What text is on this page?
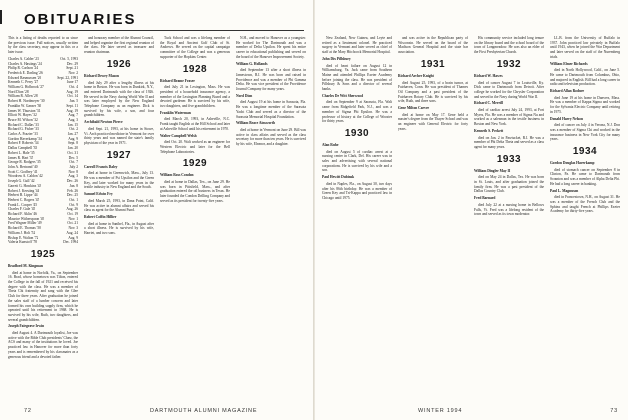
OBITUARIES

This is a listing of deaths reported to us since the previous issue. Full notices, usually written by the class secretary, may appear in this or a later issue.

Charles A. Calder '23	Oct. 5, 1993
Charles A. Hastings '24	Dec. 29
Philip R. Carlson '24	Sept. 21
Frederick E. Darling '26	Nov. 2
Edward Rasmussen '26	Sept. 22, 1991
Kenneth C. Perry '27	June 17
William G. Holbrook '27	Oct. 4
Nord Dion '28	Aug. 19
William R. Allen '28	Oct. 14
Robert H. Nordmeyer '30	Jan. 5
Franklin W. Ganser '30	Sept. 11
James W. Thurston '31	Aug. 19
Elliott W. Hayes '32	Aug. 7
Bruce M. Wilson '32	Aug. 3
Richard C. Dallas '33	Jan. 15
Richard G. Fisher '33	Oct. 2
Carlos A. Frazier '33	Jan. 27
Gordon Haverkamp '34	Aug. 9
Robert F. Roberts '34	Sept. 8
Dallas Campbell '35	Jan. 20
Robert L. Hale '35	Oct. 31
James R. Hart '35	Dec. 5
George R. Rodgers '35	Oct. 7
John A. Bertrand '40	July 2
Scott C. Godfrey '41	Nov. 8
Woodrow A. Caldon '42	Aug. 3
Joseph G. Gull '42	Dec. 26
Garrett G. Hawkins '43	Jan. 8
Robert J. Kersting '44	Feb. 26
Herbert B. Lippe '44	Dec. 25
Herbert C. Rogers '45	Oct. 1
Frank L. Cooper '45	Oct. 9
Charles F. Gale '45	Aug. 26
Richard F. Aklin '46	Oct. 19
Maurice Witherspoon '49	Nov. 1
Fred Wagner Miller '49	Oct. 21
Richard E. Thomas '50	Nov. 3
William J. Holt '52	Aug. 24
Bishop E. Walton '72	Aug. 9
Valeria Kunstoff '78	Dec. 1994
1925

Bradford M. Kingman

died at home in Norfolk, Va., on September 16. Brad, whose hometown was Tilton, entered the College in the fall of 1921 and received his degree with the class. He was a member of Theta Chi fraternity and sang with the Glee Club for three years. After graduation he joined the sales staff of a lumber concern and later formed his own building supply firm, which he operated until his retirement in 1968. He is survived by his wife, Ruth, two daughters, and several grandchildren.

Joseph Fairgrave Irwin

died August 4. A Dartmouth loyalist, Joe was active with the Bible Club presidents' Chaw, the ACS and many of the institutions he loved. Joe practiced law in Hanover for more than forty years and is remembered by his classmates as a generous friend and a devoted father.

and honorary member of the Alumni Council, and helped organize the first regional reunion of the class. He later served as treasurer and reunion chairman.

1926

Richard Dewey Mason

died July 29 after a lengthy illness at his home in Boston. He was born in Dunkirk, N.Y., and entered Dartmouth with the class of 1926. He served in the Navy during World War II and was later employed by the New England Telephone Company as an engineer. Dick is survived by his wife, a son, and four grandchildren.

Archibald Newton Pierce

died Sept. 21, 1993, at his home in Stowe, Vt. Arch practiced medicine in Vermont for over thirty years and was named the state's family physician of the year in 1971.

1927

Carroll Francis Daley

died at home in Greenwich, Mass., July 13. He was a member of Psi Upsilon and the Green Key, and later worked for many years in the textile industry in New England and the South.

Samuel Edwin Fry

died March 25, 1993, in Dana Point, Calif. He was active in alumni affairs and served his class as agent for the Alumni Fund.

Robert Coffin Hillier

died at home in Sanibel, Fla., in August after a short illness. He is survived by his wife, Harriet, and two sons.

Tuck School and was a lifelong member of the Royal and Ancient Golf Club of St. Andrews. He served on the capital campaign committee of the College and was a generous supporter of the Hopkins Center.

1928

Richard Brame Fraser

died July 21 in Lexington, Mass. He was president of a household insurance agency, a member of the Lexington Planning Board and a devoted gardener. He is survived by his wife, two daughters, and five grandchildren.

Franklin Waterman

died March 20, 1993, in Asheville, N.C. Frank taught English at the Hill School and later at Asheville School until his retirement in 1970.

Walter Campbell Welsh

died Oct. 20. Walt worked as an engineer for Western Electric and later for the Bell Telephone Laboratories.

1929

William Ross Condon

died at home in Dallas, Tex., on June 29. He was born in Pittsfield, Mass., and after graduation entered the oil business in Texas. He later founded the Condon Drilling Company and served as its president for twenty-five years.

N.H., and moved to Hanover as a youngster. He worked for The Dartmouth and was a member of Delta Upsilon. He spent his entire career in educational publishing and served on the board of the Hanover Improvement Society.

William G. Hollands

died September 13 after a short illness in Jamestown, R.I. He was born and raised in Providence and was a member of Phi Gamma Delta. He was vice president of the Providence Journal Company for many years.

Nord Dion

died August 19 at his home in Sarasota, Fla. He was a longtime member of the Sarasota Yacht Club and served as a director of the Sarasota Memorial Hospital Foundation.

William Brace Ainsworth

died at home in Vermont on June 29. Bill was active in class affairs and served as the class secretary for more than ten years. He is survived by his wife, Eleanor, and a daughter.

72	DARTMOUTH ALUMNI MAGAZINE

New Zealand, New Guinea, and Leyte and retired as a lieutenant colonel. He practiced surgery in Vermont and later served as chief of staff at the Mary Hitchcock Memorial Hospital.

John Dix Pillsbury

died of heart failure on August 12 in Williamsburg, Va. Jack came from Southern Maine and attended Phillips Exeter Academy before joining the class. He was president of Pillsbury & Sons and a director of several banks.

Charles De Witt Sherwood

died on September 9 at Sarasota, Fla. Walt came from Ridgefield Park, N.J., and was a member of Sigma Phi Epsilon. He was a professor of history at the College of Wooster for thirty years.

1930

Alan Ruhe

died on August 5 of cardiac arrest at a nursing center in Clark, Del. His career was in sales and advertising with several national corporations. He is survived by his wife and a son.

Paul Hewitt Dubinsk

died in Naples, Fla., on August 30, two days after his 86th birthday. He was a member of Green Key and Tri-Kappa and practiced law in Chicago until 1975.

and was active in the Republican party of Wisconsin. He served on the board of the Madison General Hospital and the state bar association.

1931

Richard Archer Knight

died August 25, 1993, of a brain tumor, at Fairhaven, Conn. He was president of Thames Oil Company and a past president of the Fairhaven Rotary Club. He is survived by his wife, Ruth, and three sons.

Gene Milton Carver

died at home on May 17. Gene held a master's degree from the Thayer School and was an engineer with General Electric for forty years.

His community service included long tenure on the library board and the school board of the town of Longmeadow. He was also an elder of the First Presbyterian Church.

1932

Richard W. Hawes

died of cancer August 7 in Louisville, Ky. Dick came to Dartmouth from Detroit. After college he worked for the Chrysler Corporation and served in the Navy during World War II.

Richard C. Merrill

died of cardiac arrest July 24, 1993, at Fort Myers, Fla. He was a member of Sigma Nu and worked as a salesman in the textile business in Boston and New York.

Kenneth S. Peckett

died on Jan. 2 in Pawtucket, R.I. He was a member of Phi Delta Theta and served as a class agent for many years.

1933

William Dingler May II

died on May 24 in Dallas, Tex. He was born in St. Louis, and after graduation joined the family firm. He was a past president of the Dallas Country Club.

Fred Barnard

died July 22 at a nursing home in Bellows Falls, Vt. Fred was a lifelong resident of the town and served as its town moderator.

LL.B. from the University of Buffalo in 1937. John practiced law privately in Buffalo until 1943, when he joined the War Department and later served on the staff of the Nuremberg trials.

William Elmer Richards

died in North Hollywood, Calif., on June 5. He came to Dartmouth from Columbus, Ohio, and majored in English. Bill had a long career in radio and television production.

Richard Allan Roduer

died June 19 at his home in Danvers, Mass. He was a member of Kappa Sigma and worked for the Sylvania Electric Company until retiring in 1975.

Donald Harry Nelson

died of cancer on July 4 in Verona, N.J. Don was a member of Sigma Chi and worked in the insurance business in New York City for many years.

1934

Gordon Douglas Haverkamp

died of stomach cancer on September 8 in Clinton, Pa. He came to Dartmouth from Scranton and was a member of Alpha Delta Phi. He had a long career in banking.

Paul L. Magnuson

died in Francestown, N.H., on August 31. He was a member of the French Club and the Sphinx and taught French at Phillips Exeter Academy for thirty-five years.

WINTER 1994	73
